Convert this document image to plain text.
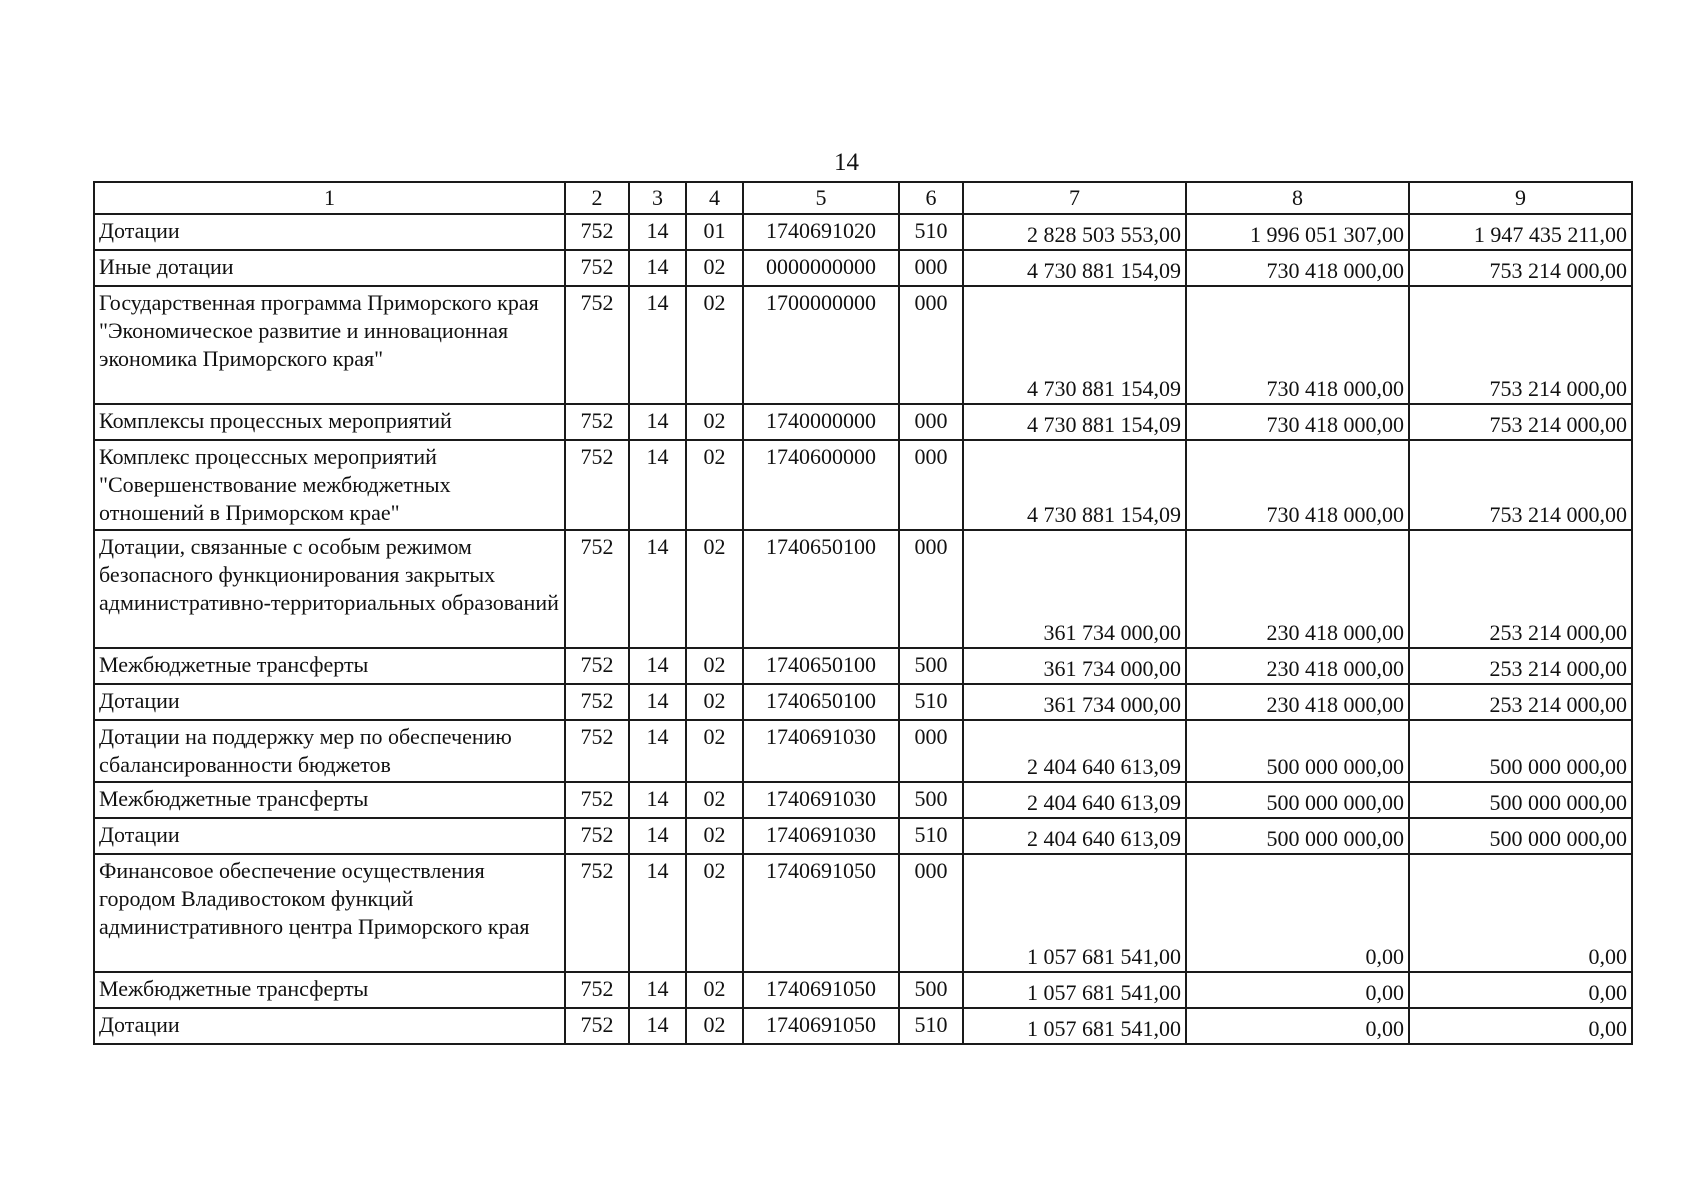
14
1	2	3	4	5	6	7	8	9
Дотации	752	14	01	1740691020	510	2 828 503 553,00	1 996 051 307,00	1 947 435 211,00
Иные дотации	752	14	02	0000000000	000	4 730 881 154,09	730 418 000,00	753 214 000,00
Государственная программа Приморского края "Экономическое развитие и инновационная экономика Приморского края"	752	14	02	1700000000	000	4 730 881 154,09	730 418 000,00	753 214 000,00
Комплексы процессных мероприятий	752	14	02	1740000000	000	4 730 881 154,09	730 418 000,00	753 214 000,00
Комплекс процессных мероприятий "Совершенствование межбюджетных отношений в Приморском крае"	752	14	02	1740600000	000	4 730 881 154,09	730 418 000,00	753 214 000,00
Дотации, связанные с особым режимом безопасного функционирования закрытых административно-территориальных образований	752	14	02	1740650100	000	361 734 000,00	230 418 000,00	253 214 000,00
Межбюджетные трансферты	752	14	02	1740650100	500	361 734 000,00	230 418 000,00	253 214 000,00
Дотации	752	14	02	1740650100	510	361 734 000,00	230 418 000,00	253 214 000,00
Дотации на поддержку мер по обеспечению сбалансированности бюджетов	752	14	02	1740691030	000	2 404 640 613,09	500 000 000,00	500 000 000,00
Межбюджетные трансферты	752	14	02	1740691030	500	2 404 640 613,09	500 000 000,00	500 000 000,00
Дотации	752	14	02	1740691030	510	2 404 640 613,09	500 000 000,00	500 000 000,00
Финансовое обеспечение осуществления городом Владивостоком функций административного центра Приморского края	752	14	02	1740691050	000	1 057 681 541,00	0,00	0,00
Межбюджетные трансферты	752	14	02	1740691050	500	1 057 681 541,00	0,00	0,00
Дотации	752	14	02	1740691050	510	1 057 681 541,00	0,00	0,00
